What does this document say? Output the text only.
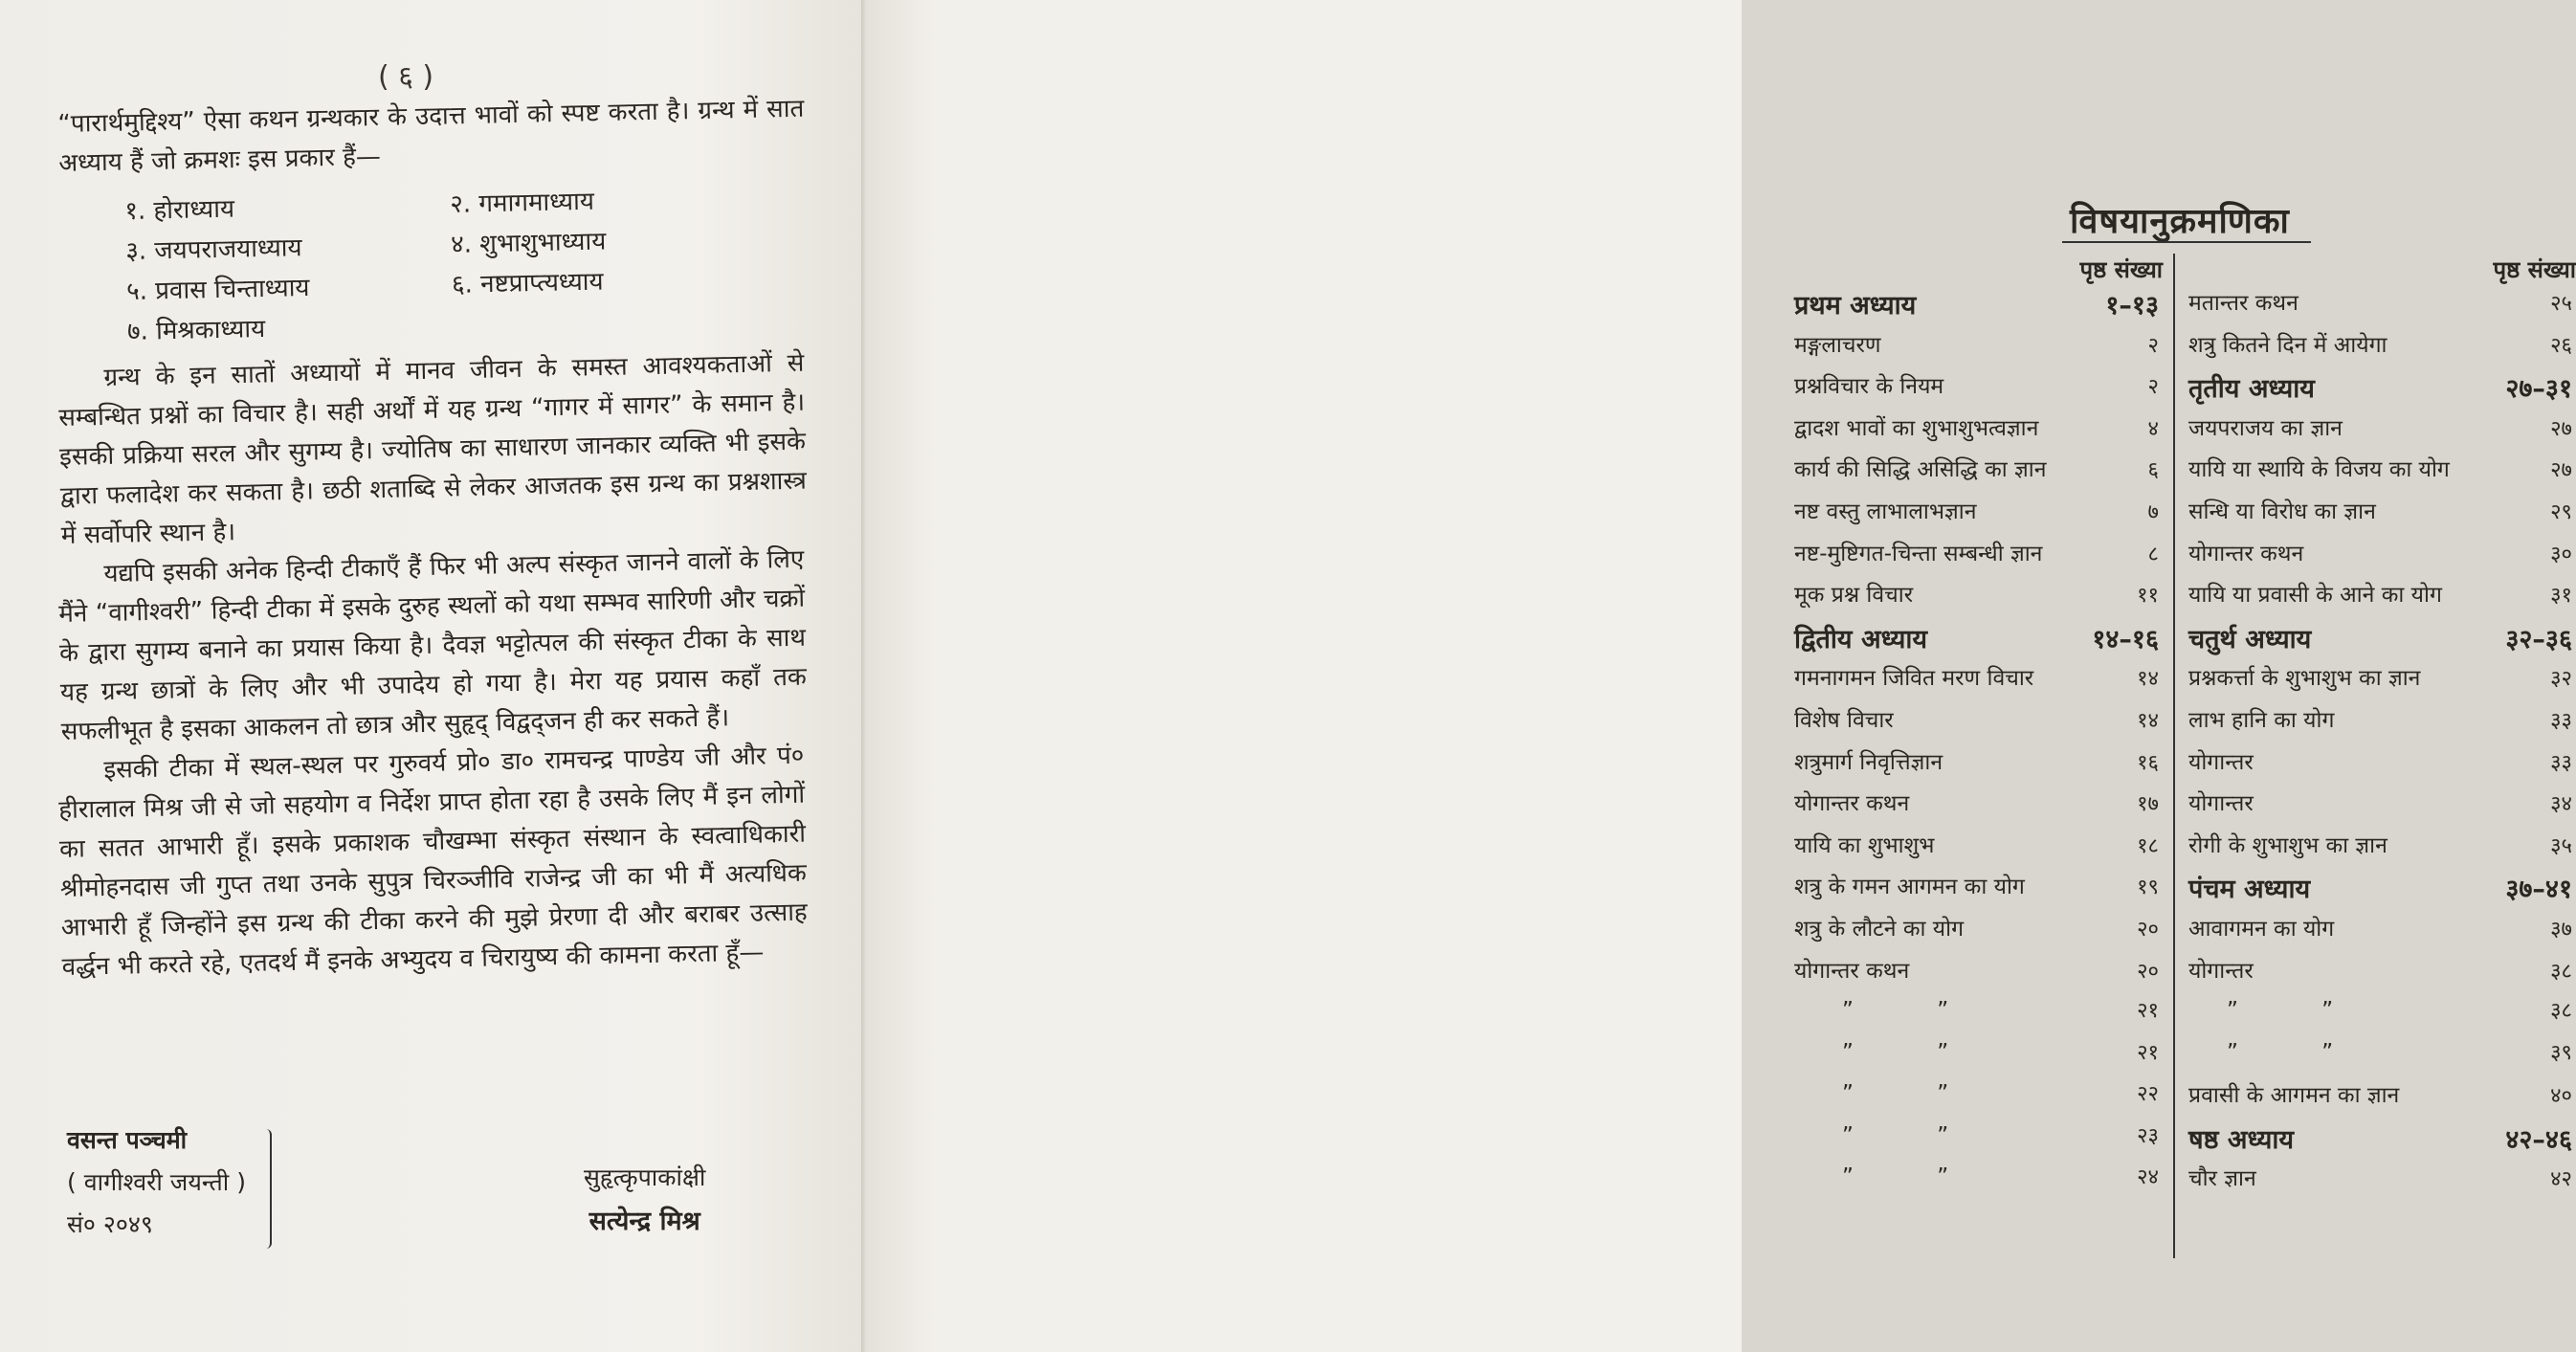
( ६ )

“पारार्थमुद्दिश्य” ऐसा कथन ग्रन्थकार के उदात्त भावों को स्पष्ट करता है। ग्रन्थ में सात अध्याय हैं जो क्रमशः इस प्रकार हैं—

१. होराध्याय	२. गमागमाध्याय
३. जयपराजयाध्याय	४. शुभाशुभाध्याय
५. प्रवास चिन्ताध्याय	६. नष्टप्राप्त्यध्याय
७. मिश्रकाध्याय

ग्रन्थ के इन सातों अध्यायों में मानव जीवन के समस्त आवश्यकताओं से सम्बन्धित प्रश्नों का विचार है। सही अर्थों में यह ग्रन्थ “गागर में सागर” के समान है। इसकी प्रक्रिया सरल और सुगम्य है। ज्योतिष का साधारण जानकार व्यक्ति भी इसके द्वारा फलादेश कर सकता है। छठी शताब्दि से लेकर आजतक इस ग्रन्थ का प्रश्नशास्त्र में सर्वोपरि स्थान है।

यद्यपि इसकी अनेक हिन्दी टीकाएँ हैं फिर भी अल्प संस्कृत जानने वालों के लिए मैंने “वागीश्वरी” हिन्दी टीका में इसके दुरुह स्थलों को यथा सम्भव सारिणी और चक्रों के द्वारा सुगम्य बनाने का प्रयास किया है। दैवज्ञ भट्टोत्पल की संस्कृत टीका के साथ यह ग्रन्थ छात्रों के लिए और भी उपादेय हो गया है। मेरा यह प्रयास कहाँ तक सफलीभूत है इसका आकलन तो छात्र और सुहृद् विद्वद्जन ही कर सकते हैं।

इसकी टीका में स्थल-स्थल पर गुरुवर्य प्रो० डा० रामचन्द्र पाण्डेय जी और पं० हीरालाल मिश्र जी से जो सहयोग व निर्देश प्राप्त होता रहा है उसके लिए मैं इन लोगों का सतत आभारी हूँ। इसके प्रकाशक चौखम्भा संस्कृत संस्थान के स्वत्वाधिकारी श्रीमोहनदास जी गुप्त तथा उनके सुपुत्र चिरञ्जीवि राजेन्द्र जी का भी मैं अत्यधिक आभारी हूँ जिन्होंने इस ग्रन्थ की टीका करने की मुझे प्रेरणा दी और बराबर उत्साह वर्द्धन भी करते रहे, एतदर्थ मैं इनके अभ्युदय व चिरायुष्य की कामना करता हूँ—

वसन्त पञ्चमी
( वागीश्वरी जयन्ती )
सं० २०४९
सुहृत्कृपाकांक्षी
सत्येन्द्र मिश्र
विषयानुक्रमणिका
पृष्ठ संख्या
प्रथम अध्याय	१–१३
मङ्गलाचरण	२
प्रश्नविचार के नियम	२
द्वादश भावों का शुभाशुभत्वज्ञान	४
कार्य की सिद्धि असिद्धि का ज्ञान	६
नष्ट वस्तु लाभालाभज्ञान	७
नष्ट-मुष्टिगत-चिन्ता सम्बन्धी ज्ञान	८
मूक प्रश्न विचार	११
द्वितीय अध्याय	१४–१६
गमनागमन जिवित मरण विचार	१४
विशेष विचार	१४
शत्रुमार्ग निवृत्तिज्ञान	१६
योगान्तर कथन	१७
यायि का शुभाशुभ	१८
शत्रु के गमन आगमन का योग	१९
शत्रु के लौटने का योग	२०
योगान्तर कथन	२०
” ”	२१
” ”	२१
” ”	२२
” ”	२३
” ”	२४
पृष्ठ संख्या
मतान्तर कथन	२५
शत्रु कितने दिन में आयेगा	२६
तृतीय अध्याय	२७–३१
जयपराजय का ज्ञान	२७
यायि या स्थायि के विजय का योग	२७
सन्धि या विरोध का ज्ञान	२९
योगान्तर कथन	३०
यायि या प्रवासी के आने का योग	३१
चतुर्थ अध्याय	३२–३६
प्रश्नकर्त्ता के शुभाशुभ का ज्ञान	३२
लाभ हानि का योग	३३
योगान्तर	३३
योगान्तर	३४
रोगी के शुभाशुभ का ज्ञान	३५
पंचम अध्याय	३७–४१
आवागमन का योग	३७
योगान्तर	३८
” ”	३८
” ”	३९
प्रवासी के आगमन का ज्ञान	४०
षष्ठ अध्याय	४२–४६
चौर ज्ञान	४२
